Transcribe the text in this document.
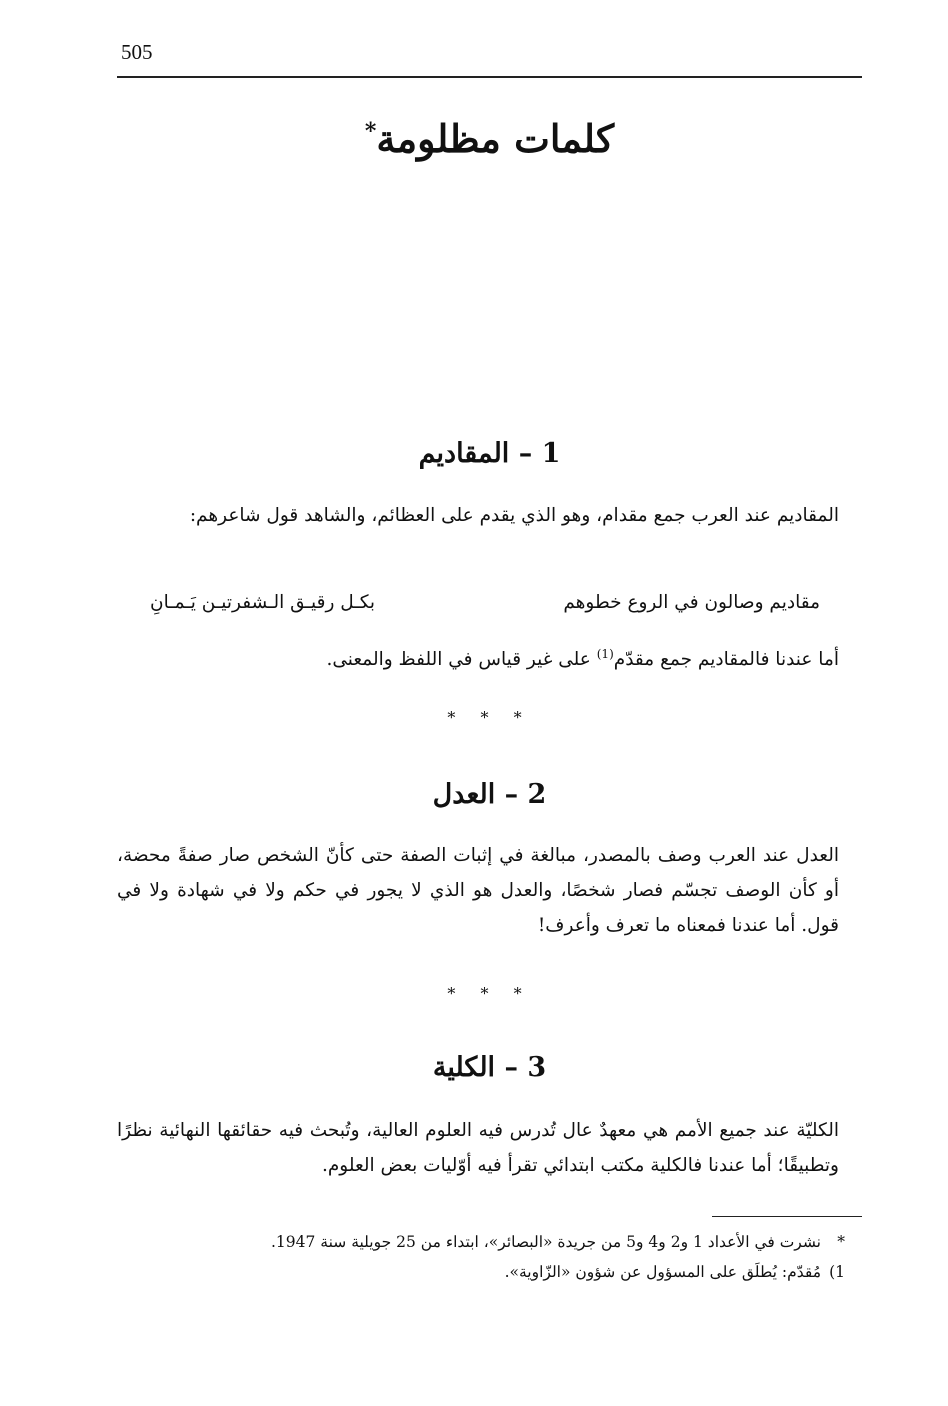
505
كلمات مظلومة*
1 – المقاديم
المقاديم عند العرب جمع مقدام، وهو الذي يقدم على العظائم، والشاهد قول شاعرهم:
مقاديم وصالون في الروع خطوهم
بكـل رقيـق الـشفرتيـن يَـمـانِ
أما عندنا فالمقاديم جمع مقدّم$^{(1)}$ على غير قياس في اللفظ والمعنى.
* * *
2 – العدل
العدل عند العرب وصف بالمصدر، مبالغة في إثبات الصفة حتى كأنّ الشخص صار صفةً محضة، أو كأن الوصف تجسّم فصار شخصًا، والعدل هو الذي لا يجور في حكم ولا في شهادة ولا في قول. أما عندنا فمعناه ما تعرف وأعرف!
* * *
3 – الكلية
الكليّة عند جميع الأمم هي معهدٌ عال تُدرس فيه العلوم العالية، وتُبحث فيه حقائقها النهائية نظرًا وتطبيقًا؛ أما عندنا فالكلية مكتب ابتدائي تقرأ فيه أوّليات بعض العلوم.
*نشرت في الأعداد 1 و2 و4 و5 من جريدة «البصائر»، ابتداء من 25 جويلية سنة 1947.
1)مُقدّم: يُطلَق على المسؤول عن شؤون «الزّاوية».
